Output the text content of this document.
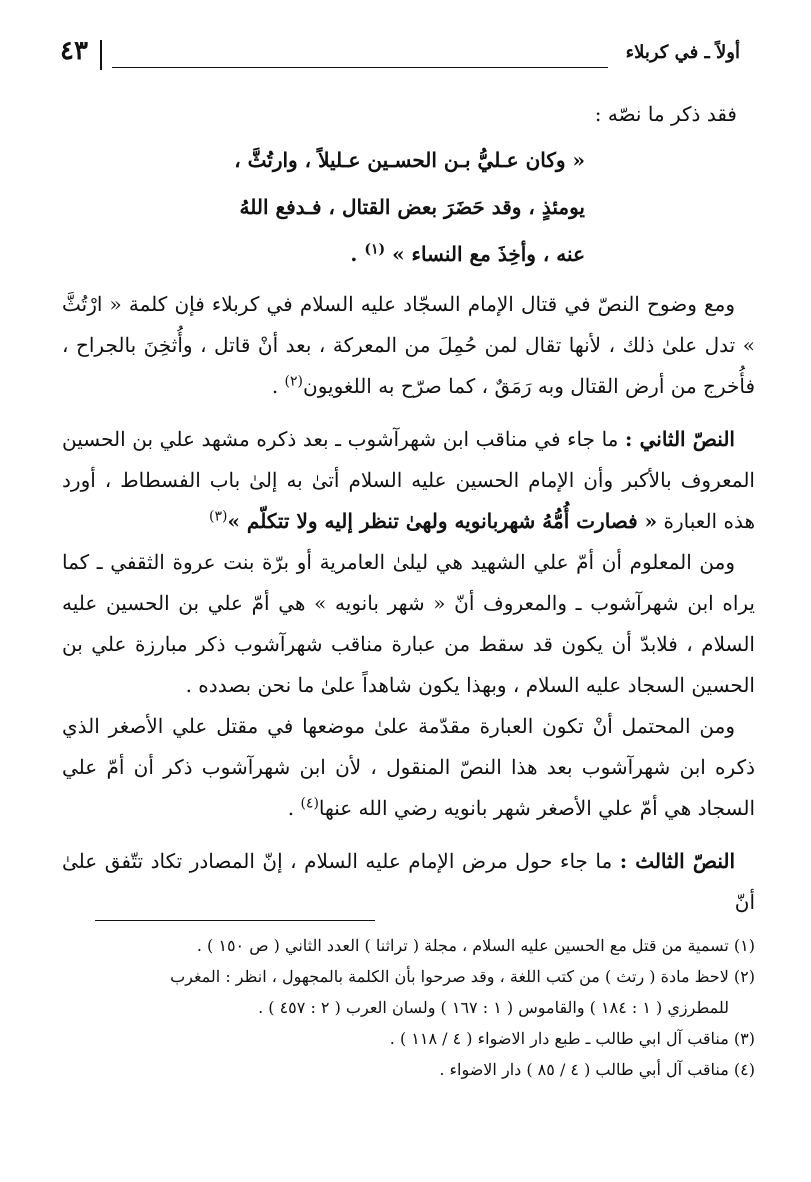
أولاً ـ في كربلاء
٤٣

فقد ذكر ما نصّه :

« وكان عـليُّ بـن الحسـين عـليلاً ، وارتُثَّ ،
يومئذٍ ، وقد حَضَرَ بعض القتال ، فـدفع اللهُ
عنه ، وأخِذَ مع النساء » $^{(١)}$ .

ومع وضوح النصّ في قتال الإمام السجّاد عليه السلام في كربلاء فإن كلمة « ارْتُثَّ » تدل علىٰ ذلك ، لأنها تقال لمن حُمِلَ من المعركة ، بعد أنْ قاتل ، وأُثخِنَ بالجراح ، فأُخرج من أرض القتال وبه رَمَقٌ ، كما صرّح به اللغويون$^{(٢)}$ .

النصّ الثاني : ما جاء في مناقب ابن شهرآشوب ـ بعد ذكره مشهد علي بن الحسين المعروف بالأكبر وأن الإمام الحسين عليه السلام أتىٰ به إلىٰ باب الفسطاط ، أورد هذه العبارة « فصارت أُمُّهُ شهربانويه ولهىٰ تنظر إليه ولا تتكلّم »$^{(٣)}$

ومن المعلوم أن أمّ علي الشهيد هي ليلىٰ العامرية أو برّة بنت عروة الثقفي ـ كما يراه ابن شهرآشوب ـ والمعروف أنّ « شهر بانويه » هي أمّ علي بن الحسين عليه السلام ، فلابدّ أن يكون قد سقط من عبارة مناقب شهرآشوب ذكر مبارزة علي بن الحسين السجاد عليه السلام ، وبهذا يكون شاهداً علىٰ ما نحن بصدده .

ومن المحتمل أنْ تكون العبارة مقدّمة علىٰ موضعها في مقتل علي الأصغر الذي ذكره ابن شهرآشوب بعد هذا النصّ المنقول ، لأن ابن شهرآشوب ذكر أن أمّ علي السجاد هي أمّ علي الأصغر شهر بانويه رضي الله عنها$^{(٤)}$ .

النصّ الثالث : ما جاء حول مرض الإمام عليه السلام ، إنّ المصادر تكاد تتّفق علىٰ أنّ

(١) تسمية من قتل مع الحسين عليه السلام ، مجلة ( تراثنا ) العدد الثاني ( ص ١٥٠ ) .

(٢) لاحظ مادة ( رتث ) من كتب اللغة ، وقد صرحوا بأن الكلمة بالمجهول ، انظر : المغرب

للمطرزي ( ١ : ١٨٤ ) والقاموس ( ١ : ١٦٧ ) ولسان العرب ( ٢ : ٤٥٧ ) .

(٣) مناقب آل ابي طالب ـ طبع دار الاضواء ( ٤ / ١١٨ ) .

(٤) مناقب آل أبي طالب ( ٤ / ٨٥ ) دار الاضواء .
